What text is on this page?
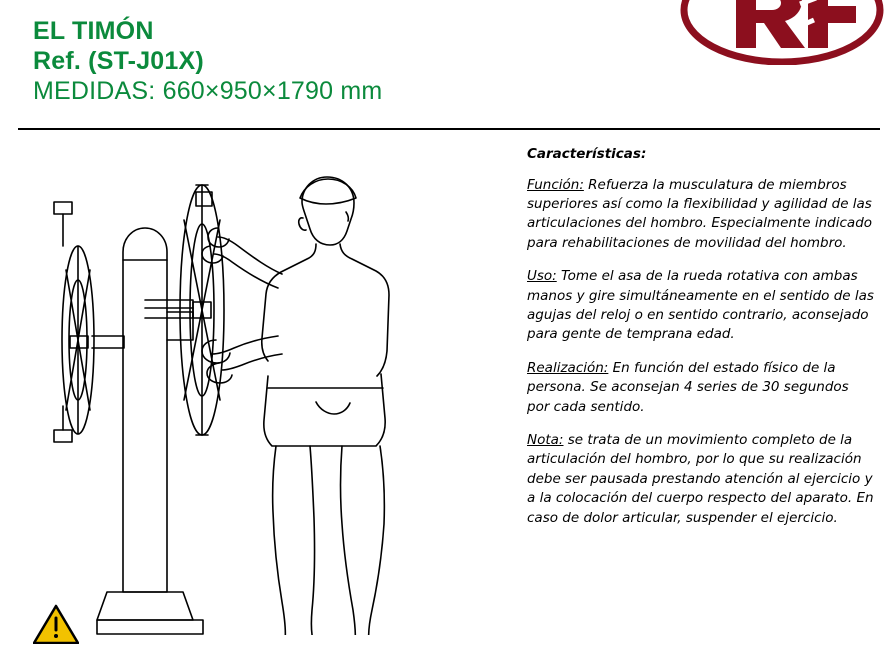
EL TIMÓN
Ref. (ST-J01X)
MEDIDAS: 660×950×1790 mm
Características:

Función: Refuerza la musculatura de miembros superiores así como la flexibilidad y agilidad de las articulaciones del hombro. Especialmente indicado para rehabilitaciones de movilidad del hombro.

Uso: Tome el asa de la rueda rotativa con ambas manos y gire simultáneamente en el sentido de las agujas del reloj o en sentido contrario, aconsejado para gente de temprana edad.

Realización: En función del estado físico de la persona. Se aconsejan 4 series de 30 segundos por cada sentido.

Nota: se trata de un movimiento completo de la articulación del hombro, por lo que su realización debe ser pausada prestando atención al ejercicio y a la colocación del cuerpo respecto del aparato. En caso de dolor articular, suspender el ejercicio.
